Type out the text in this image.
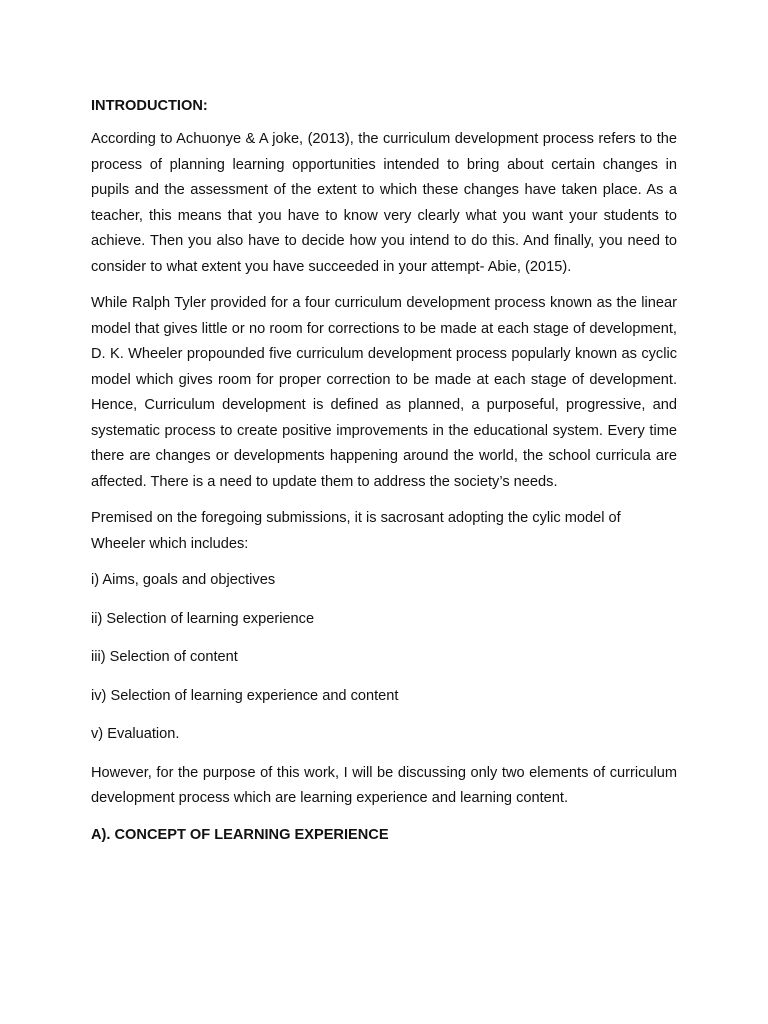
INTRODUCTION:

According to Achuonye & A joke, (2013), the curriculum development process refers to the process of planning learning opportunities intended to bring about certain changes in pupils and the assessment of the extent to which these changes have taken place. As a teacher, this means that you have to know very clearly what you want your students to achieve. Then you also have to decide how you intend to do this. And finally, you need to consider to what extent you have succeeded in your attempt- Abie, (2015).

While Ralph Tyler provided for a four curriculum development process known as the linear model that gives little or no room for corrections to be made at each stage of development, D. K. Wheeler propounded five curriculum development process popularly known as cyclic model which gives room for proper correction to be made at each stage of development. Hence, Curriculum development is defined as planned, a purposeful, progressive, and systematic process to create positive improvements in the educational system. Every time there are changes or developments happening around the world, the school curricula are affected. There is a need to update them to address the society’s needs.

Premised on the foregoing submissions, it is sacrosant adopting the cylic model of Wheeler which includes:

i) Aims, goals and objectives

ii) Selection of learning experience

iii) Selection of content

iv) Selection of learning experience and content

v) Evaluation.

However, for the purpose of this work, I will be discussing only two elements of curriculum development process which are learning experience and learning content.

A). CONCEPT OF LEARNING EXPERIENCE
